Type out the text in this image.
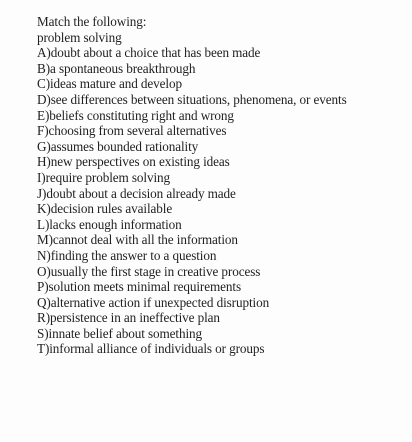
Match the following:
problem solving
A)doubt about a choice that has been made
B)a spontaneous breakthrough
C)ideas mature and develop
D)see differences between situations, phenomena, or events
E)beliefs constituting right and wrong
F)choosing from several alternatives
G)assumes bounded rationality
H)new perspectives on existing ideas
I)require problem solving
J)doubt about a decision already made
K)decision rules available
L)lacks enough information
M)cannot deal with all the information
N)finding the answer to a question
O)usually the first stage in creative process
P)solution meets minimal requirements
Q)alternative action if unexpected disruption
R)persistence in an ineffective plan
S)innate belief about something
T)informal alliance of individuals or groups
